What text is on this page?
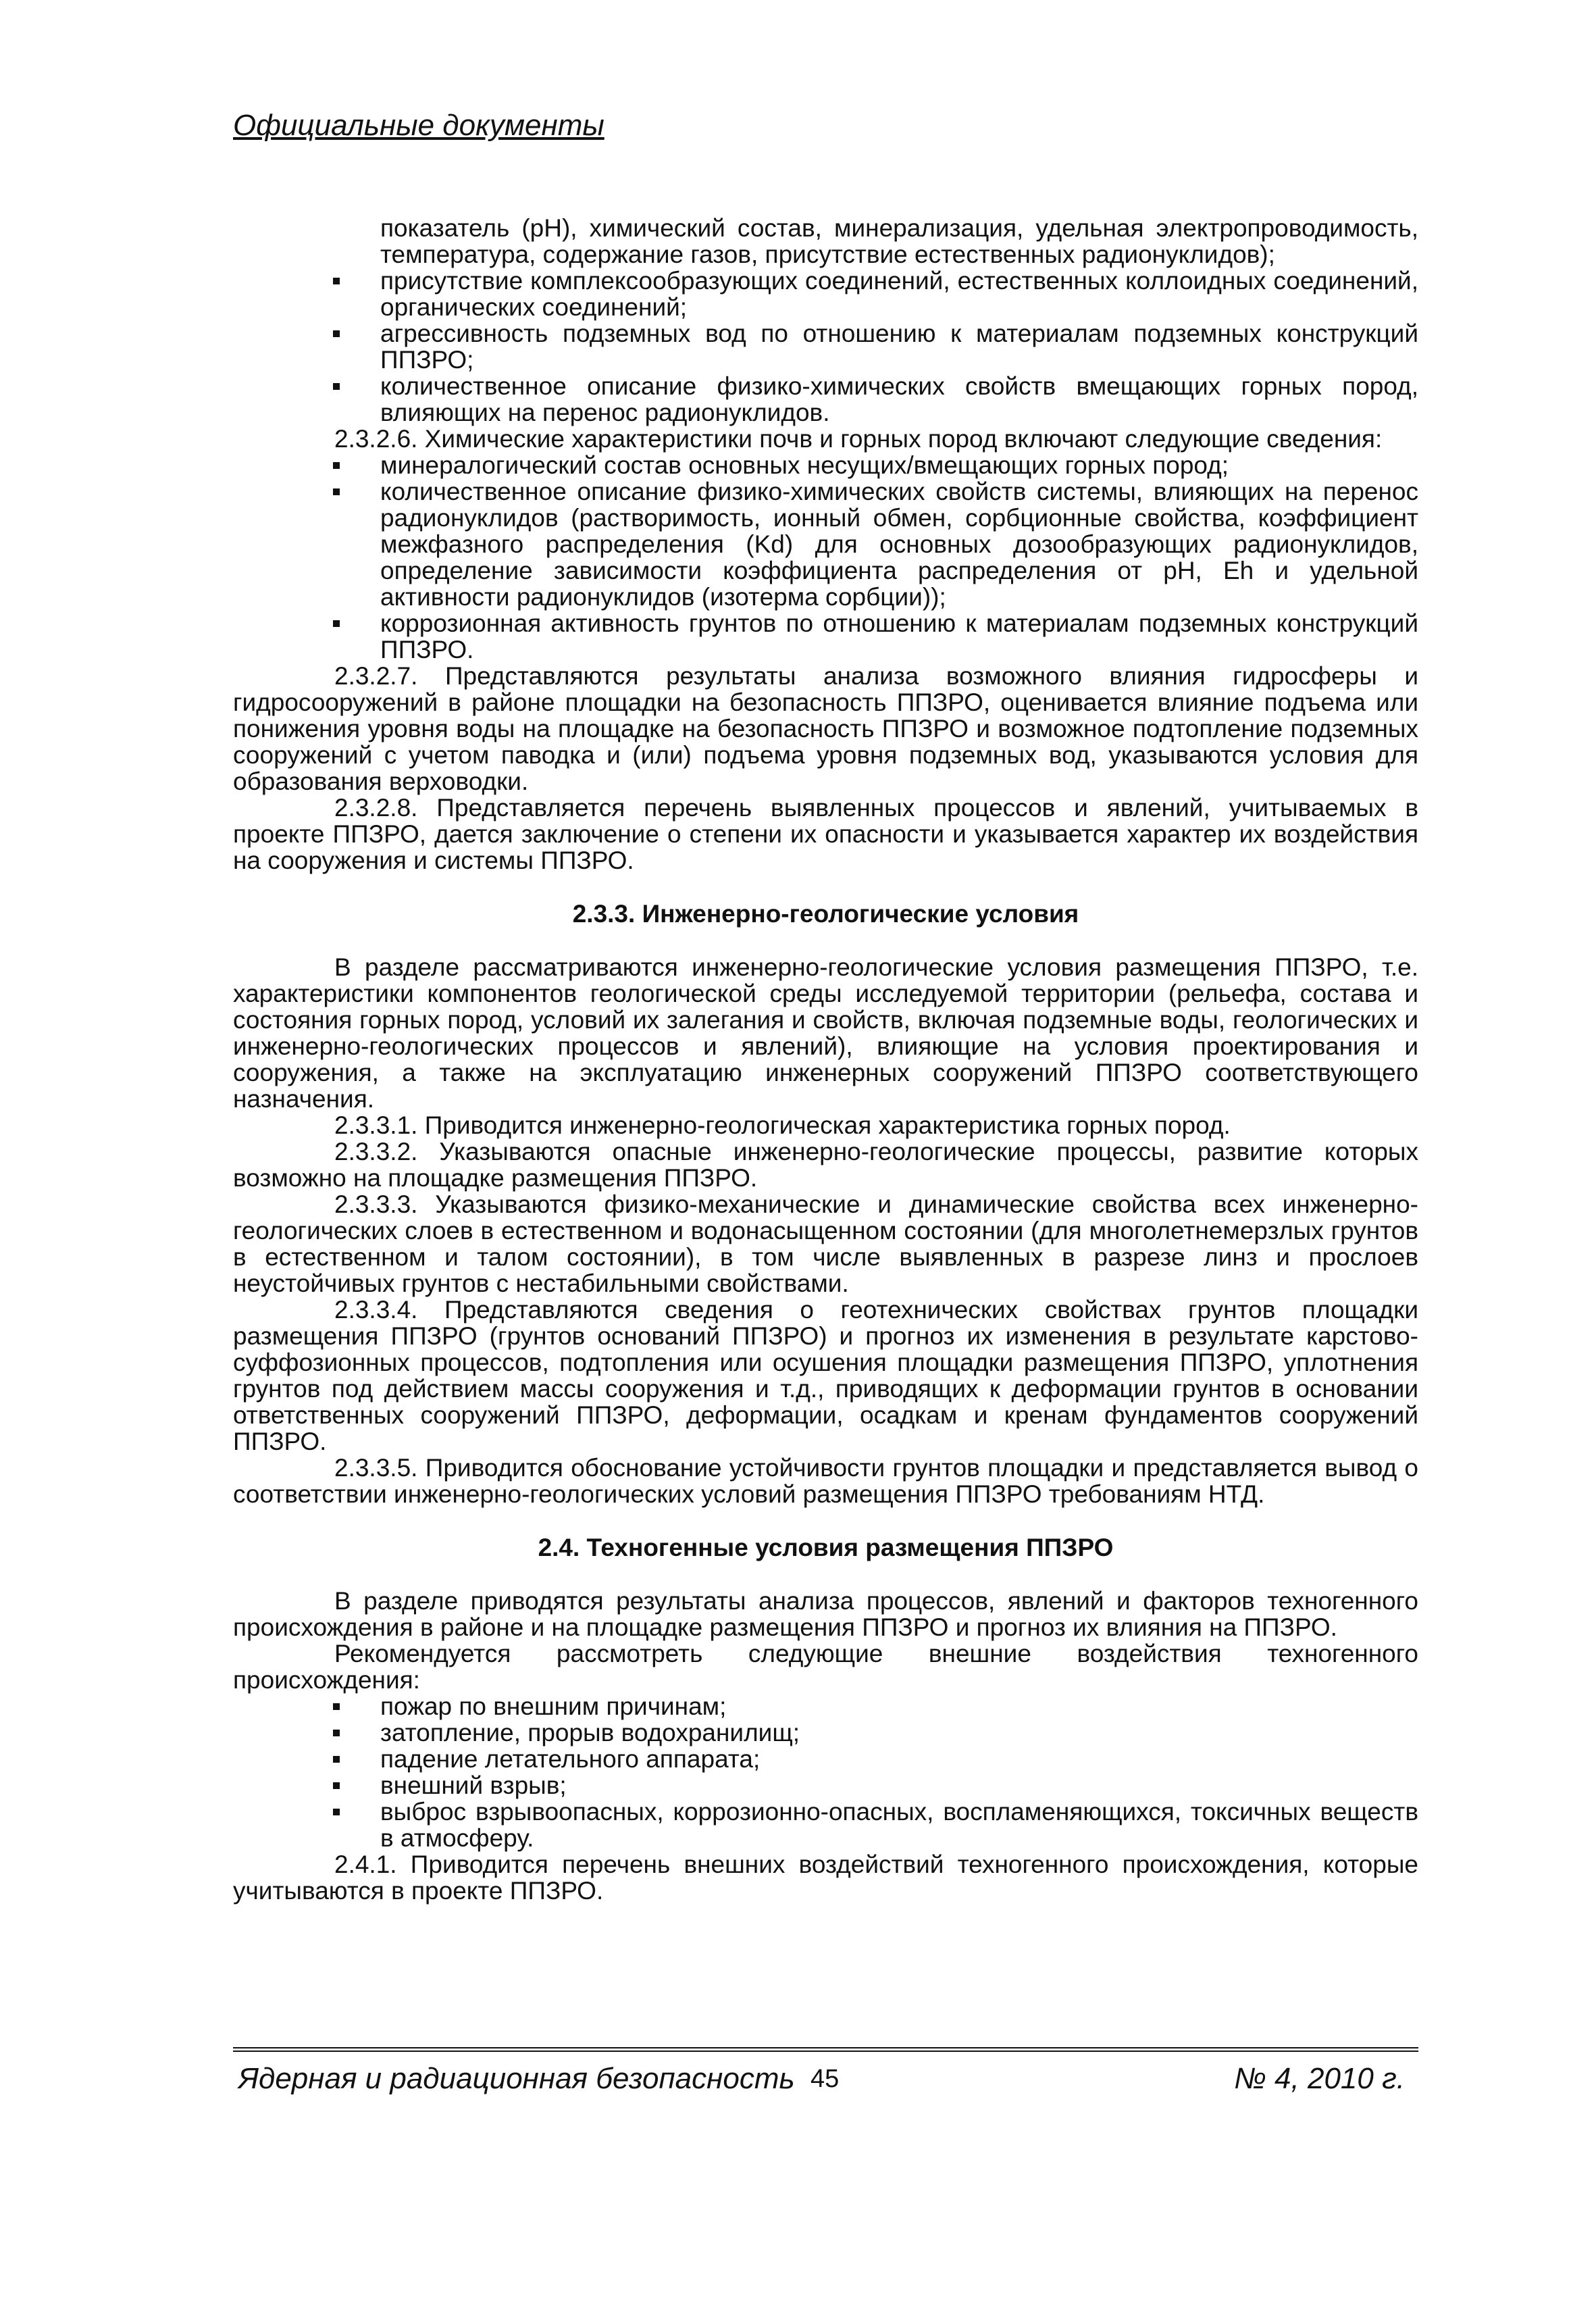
Официальные документы

показатель (pH), химический состав, минерализация, удельная электропроводимость, температура, содержание газов, присутствие естественных радионуклидов);

присутствие комплексообразующих соединений, естественных коллоидных соединений, органических соединений;
агрессивность подземных вод по отношению к материалам подземных конструкций ППЗРО;
количественное описание физико-химических свойств вмещающих горных пород, влияющих на перенос радионуклидов.

2.3.2.6. Химические характеристики почв и горных пород включают следующие сведения:

минералогический состав основных несущих/вмещающих горных пород;
количественное описание физико-химических свойств системы, влияющих на перенос радионуклидов (растворимость, ионный обмен, сорбционные свойства, коэффициент межфазного распределения (Kd) для основных дозообразующих радионуклидов, определение зависимости коэффициента распределения от pH, Eh и удельной активности радионуклидов (изотерма сорбции));
коррозионная активность грунтов по отношению к материалам подземных конструкций ППЗРО.

2.3.2.7. Представляются результаты анализа возможного влияния гидросферы и гидросооружений в районе площадки на безопасность ППЗРО, оценивается влияние подъема или понижения уровня воды на площадке на безопасность ППЗРО и возможное подтопление подземных сооружений с учетом паводка и (или) подъема уровня подземных вод, указываются условия для образования верховодки.

2.3.2.8. Представляется перечень выявленных процессов и явлений, учитываемых в проекте ППЗРО, дается заключение о степени их опасности и указывается характер их воздействия на сооружения и системы ППЗРО.

2.3.3. Инженерно-геологические условия

В разделе рассматриваются инженерно-геологические условия размещения ППЗРО, т.е. характеристики компонентов геологической среды исследуемой территории (рельефа, состава и состояния горных пород, условий их залегания и свойств, включая подземные воды, геологических и инженерно-геологических процессов и явлений), влияющие на условия проектирования и сооружения, а также на эксплуатацию инженерных сооружений ППЗРО соответствующего назначения.

2.3.3.1. Приводится инженерно-геологическая характеристика горных пород.

2.3.3.2. Указываются опасные инженерно-геологические процессы, развитие которых возможно на площадке размещения ППЗРО.

2.3.3.3. Указываются физико-механические и динамические свойства всех инженерно-геологических слоев в естественном и водонасыщенном состоянии (для многолетнемерзлых грунтов в естественном и талом состоянии), в том числе выявленных в разрезе линз и прослоев неустойчивых грунтов с нестабильными свойствами.

2.3.3.4. Представляются сведения о геотехнических свойствах грунтов площадки размещения ППЗРО (грунтов оснований ППЗРО) и прогноз их изменения в результате карстово-суффозионных процессов, подтопления или осушения площадки размещения ППЗРО, уплотнения грунтов под действием массы сооружения и т.д., приводящих к деформации грунтов в основании ответственных сооружений ППЗРО, деформации, осадкам и кренам фундаментов сооружений ППЗРО.

2.3.3.5. Приводится обоснование устойчивости грунтов площадки и представляется вывод о соответствии инженерно-геологических условий размещения ППЗРО требованиям НТД.

2.4. Техногенные условия размещения ППЗРО

В разделе приводятся результаты анализа процессов, явлений и факторов техногенного происхождения в районе и на площадке размещения ППЗРО и прогноз их влияния на ППЗРО.

Рекомендуется рассмотреть следующие внешние воздействия техногенного происхождения:

пожар по внешним причинам;
затопление, прорыв водохранилищ;
падение летательного аппарата;
внешний взрыв;
выброс взрывоопасных, коррозионно-опасных, воспламеняющихся, токсичных веществ в атмосферу.

2.4.1. Приводится перечень внешних воздействий техногенного происхождения, которые учитываются в проекте ППЗРО.

Ядерная и радиационная безопасность 45	№ 4, 2010 г.
